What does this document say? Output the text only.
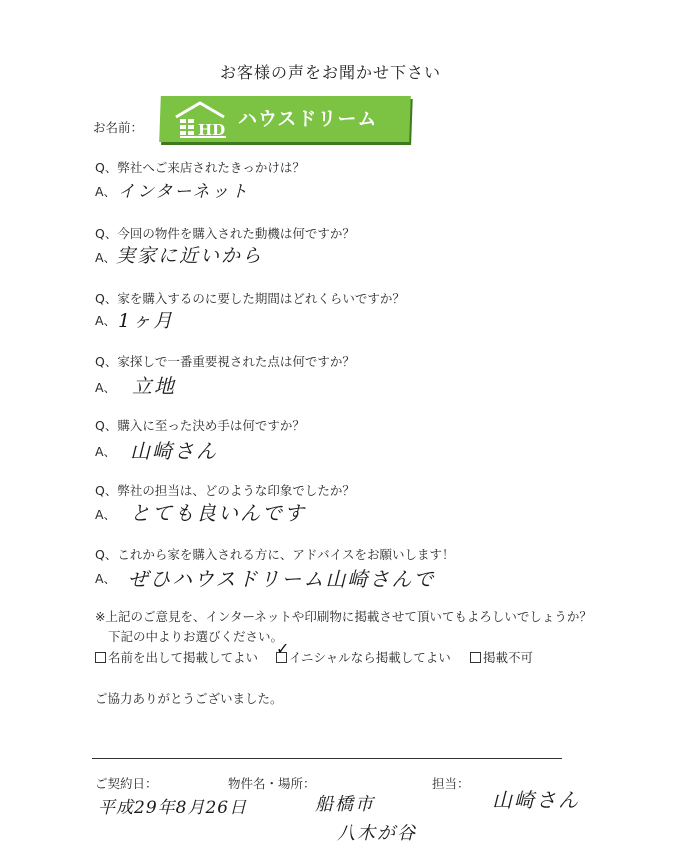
お客様の声をお聞かせ下さい
お名前：	HD ハウスドリーム
Q、弊社へご来店されたきっかけは？
A、 インターネット
Q、今回の物件を購入された動機は何ですか？
A、 実家に近いから
Q、家を購入するのに要した期間はどれくらいですか？
A、 1ヶ月
Q、家探しで一番重要視された点は何ですか？
A、 立地
Q、購入に至った決め手は何ですか？
A、 山崎さん
Q、弊社の担当は、どのような印象でしたか？
A、 とても良いんです
Q、これから家を購入される方に、アドバイスをお願いします！
A、 ぜひハウスドリーム山崎さんで
※上記のご意見を、インターネットや印刷物に掲載させて頂いてもよろしいでしょうか？
下記の中よりお選びください。
名前を出して掲載してよい ✓ イニシャルなら掲載してよい	掲載不可
ご協力ありがとうございました。
ご契約日：
平成29年8月26日
物件名・場所：
船橋市
八木が谷
担当：
山崎さん
